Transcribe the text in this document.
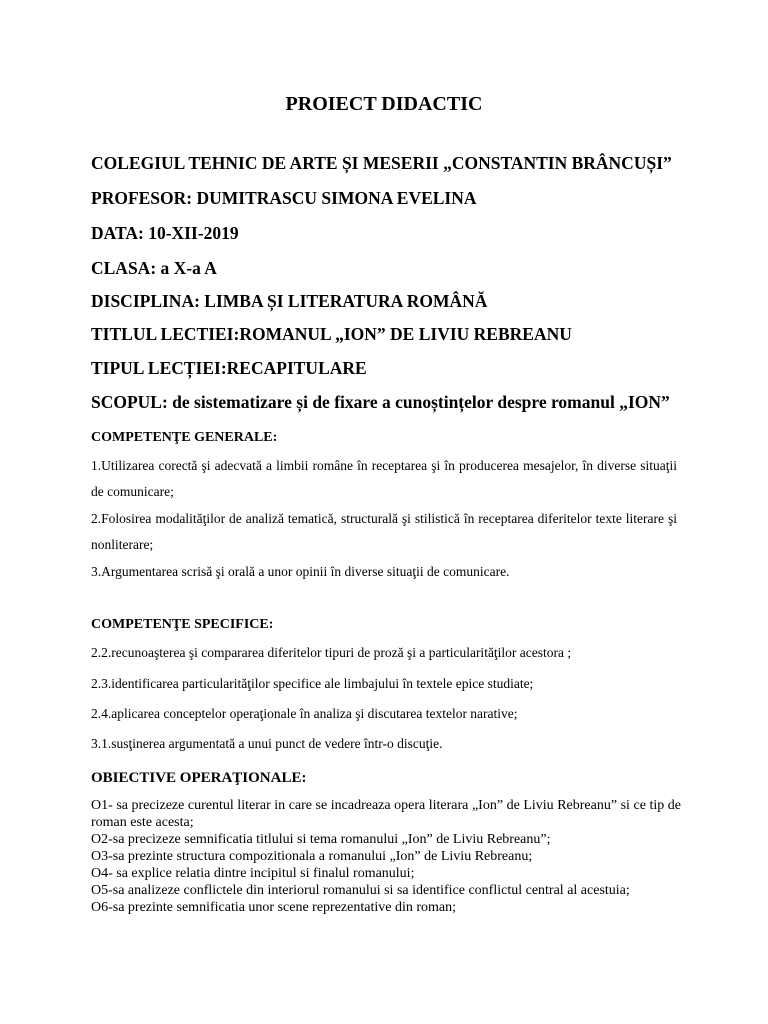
PROIECT DIDACTIC
COLEGIUL TEHNIC DE ARTE ȘI MESERII „CONSTANTIN BRÂNCUȘI”
PROFESOR: DUMITRASCU SIMONA EVELINA
DATA: 10-XII-2019
CLASA: a X-a A
DISCIPLINA: LIMBA ȘI LITERATURA ROMÂNĂ
TITLUL LECTIEI:ROMANUL „ION” DE LIVIU REBREANU
TIPUL LECȚIEI:RECAPITULARE
SCOPUL: de sistematizare și de fixare a cunoștințelor despre romanul „ION”
COMPETENŢE GENERALE:
1.Utilizarea corectă şi adecvată a limbii române în receptarea şi în producerea mesajelor, în diverse situaţii de comunicare;
2.Folosirea modalităţilor de analiză tematică, structurală şi stilistică în receptarea diferitelor texte literare şi nonliterare;
3.Argumentarea scrisă şi orală a unor opinii în diverse situaţii de comunicare.
COMPETENŢE SPECIFICE:
2.2.recunoaşterea şi compararea diferitelor tipuri de proză şi a particularităţilor acestora ;
2.3.identificarea particularităţilor specifice ale limbajului în textele epice studiate;
2.4.aplicarea conceptelor operaţionale în analiza şi discutarea textelor narative;
3.1.susţinerea argumentată a unui punct de vedere într-o discuţie.
OBIECTIVE OPERAŢIONALE:
O1- sa precizeze curentul literar in care se incadreaza opera literara „Ion” de Liviu Rebreanu” si ce tip de roman este acesta;
O2-sa precizeze semnificatia titlului si tema romanului „Ion” de Liviu Rebreanu”;
O3-sa prezinte structura compozitionala a romanului „Ion” de Liviu Rebreanu;
O4- sa explice relatia dintre incipitul si finalul romanului;
O5-sa analizeze conflictele din interiorul romanului si sa identifice conflictul central al acestuia;
O6-sa prezinte semnificatia unor scene reprezentative din roman;
